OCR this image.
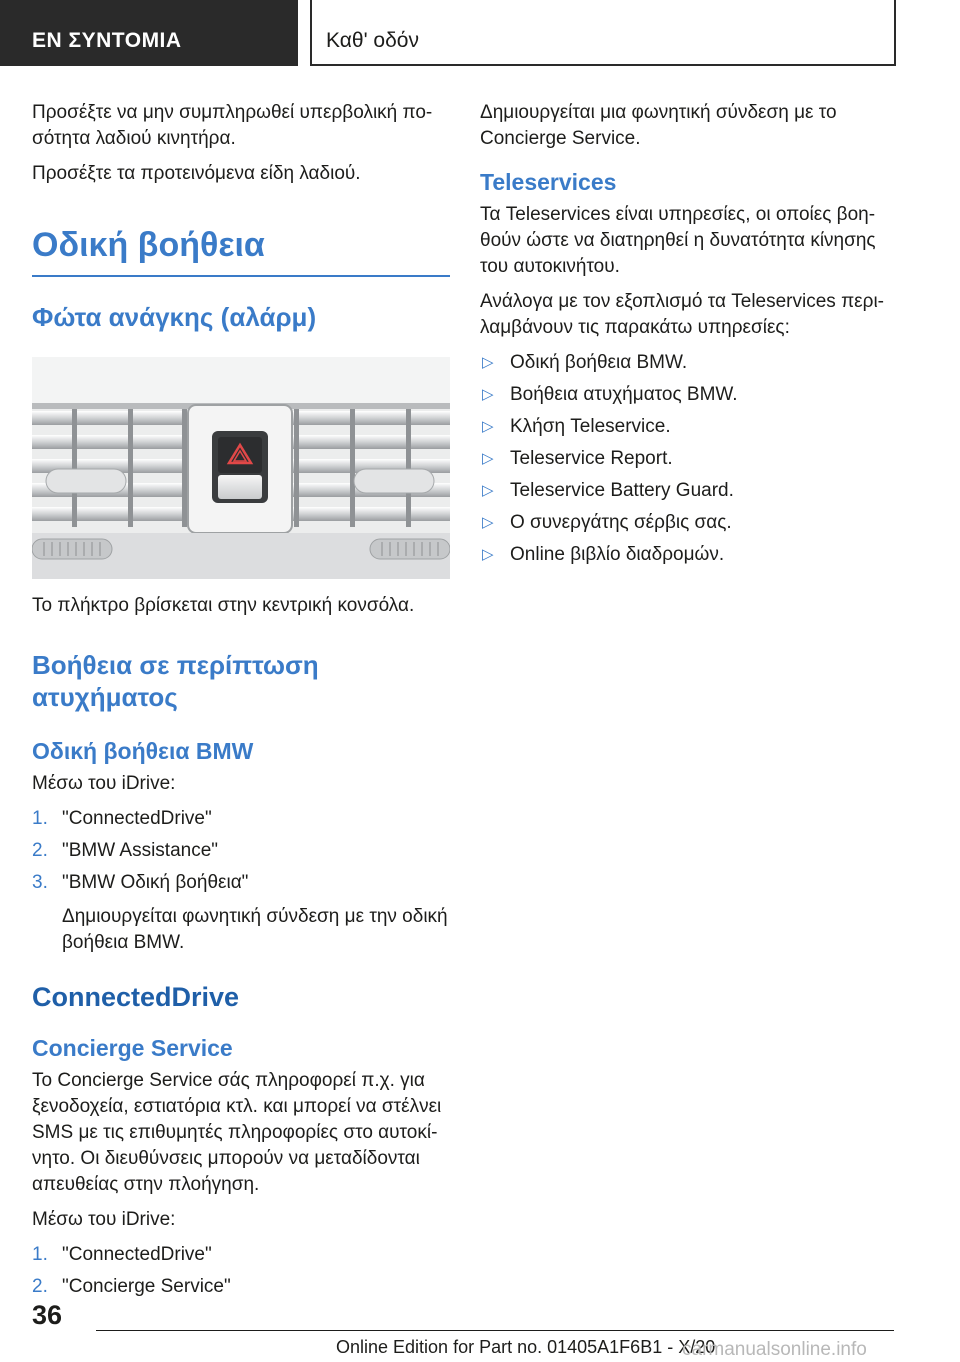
ΕΝ ΣΥΝΤΟΜΙΑ	Καθ' οδόν

Προσέξτε να μην συμπληρωθεί υπερβολική πο‐σότητα λαδιού κινητήρα.

Προσέξτε τα προτεινόμενα είδη λαδιού.

Οδική βοήθεια
Φώτα ανάγκης (αλάρμ)

Το πλήκτρο βρίσκεται στην κεντρική κονσόλα.

Βοήθεια σε περίπτωση ατυχήματος
Οδική βοήθεια BMW

Μέσω του iDrive:

1. "ConnectedDrive"
2. "BMW Assistance"
3. "BMW Οδική βοήθεια"
Δημιουργείται φωνητική σύνδεση με την οδική βοήθεια BMW.
ConnectedDrive
Concierge Service

Το Concierge Service σάς πληροφορεί π.χ. για ξενοδοχεία, εστιατόρια κτλ. και μπορεί να στέλνει SMS με τις επιθυμητές πληροφορίες στο αυτοκί‐νητο. Οι διευθύνσεις μπορούν να μεταδίδονται απευθείας στην πλοήγηση.

Μέσω του iDrive:

1. "ConnectedDrive"
2. "Concierge Service"

Δημιουργείται μια φωνητική σύνδεση με το Concierge Service.

Teleservices

Τα Teleservices είναι υπηρεσίες, οι οποίες βοη‐θούν ώστε να διατηρηθεί η δυνατότητα κίνησης του αυτοκινήτου.

Ανάλογα με τον εξοπλισμό τα Teleservices περι‐λαμβάνουν τις παρακάτω υπηρεσίες:

▷ Οδική βοήθεια BMW.
▷ Βοήθεια ατυχήματος BMW.
▷ Κλήση Teleservice.
▷ Teleservice Report.
▷ Teleservice Battery Guard.
▷ Ο συνεργάτης σέρβις σας.
▷ Online βιβλίο διαδρομών.
36
Online Edition for Part no. 01405A1F6B1 - X/20
carmanualsonline.info
